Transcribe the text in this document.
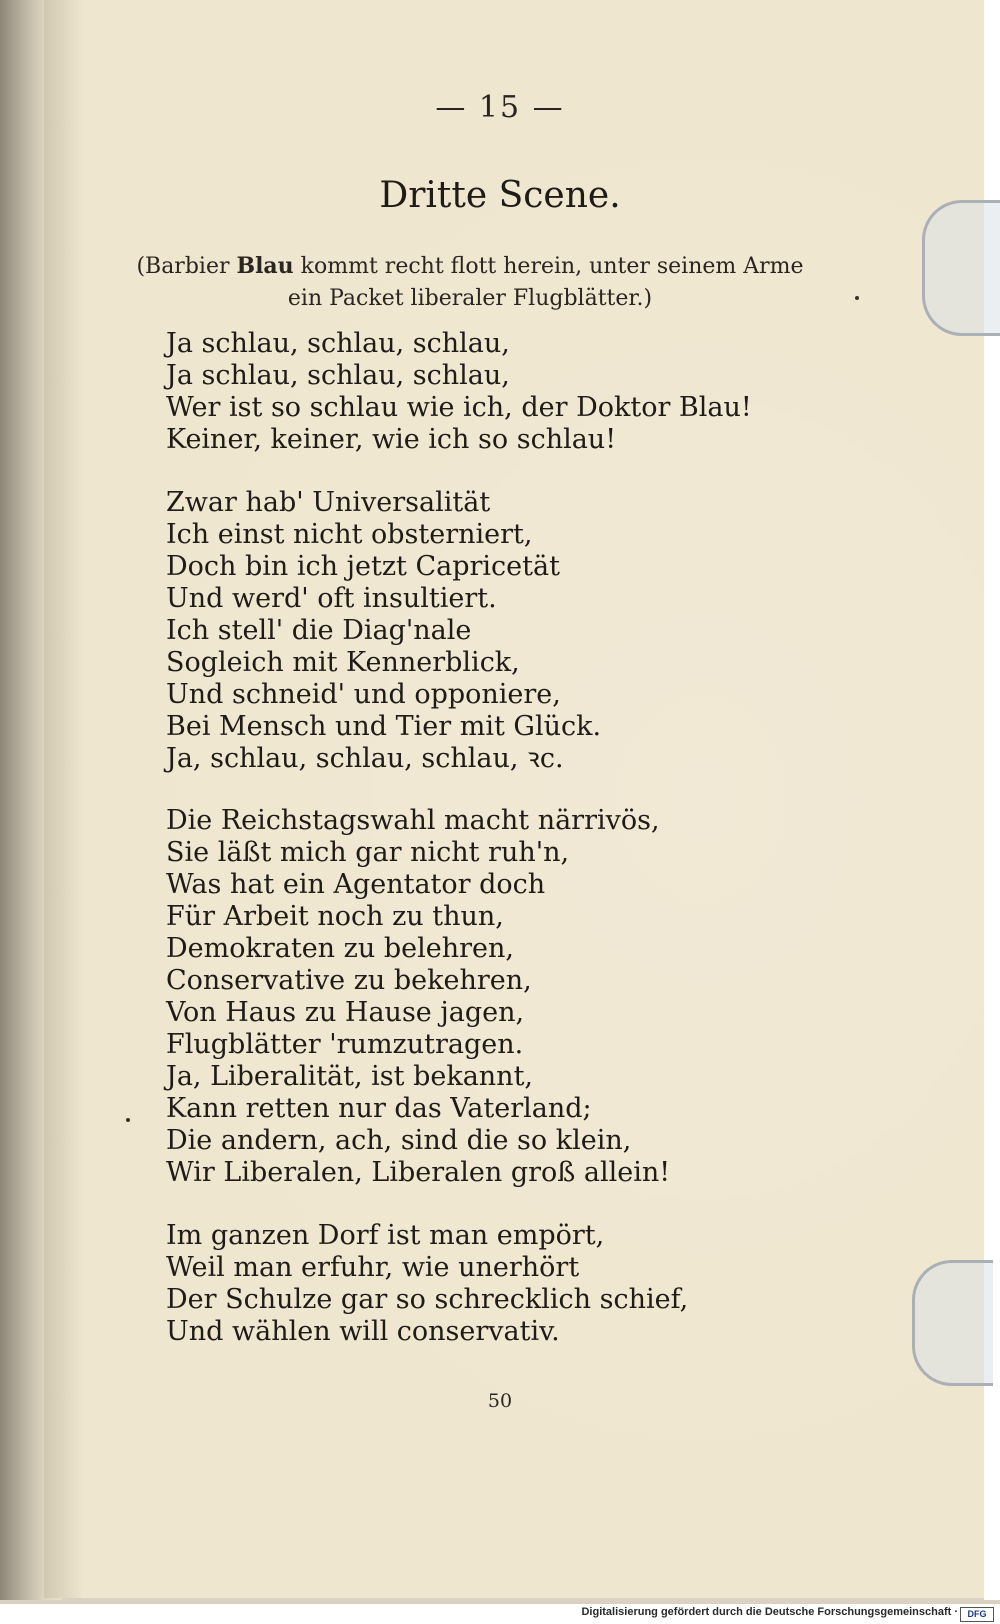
— 15 —
Dritte Scene.
(Barbier Blau kommt recht flott herein, unter seinem Arme
ein Packet liberaler Flugblätter.)
Ja schlau, schlau, schlau,
Ja schlau, schlau, schlau,
Wer ist so schlau wie ich, der Doktor Blau!
Keiner, keiner, wie ich so schlau!
Zwar hab' Universalität
Ich einst nicht obsterniert,
Doch bin ich jetzt Capricetät
Und werd' oft insultiert.
Ich stell' die Diag'nale
Sogleich mit Kennerblick,
Und schneid' und opponiere,
Bei Mensch und Tier mit Glück.
Ja, schlau, schlau, schlau, ꝛc.
Die Reichstagswahl macht närrivös,
Sie läßt mich gar nicht ruh'n,
Was hat ein Agentator doch
Für Arbeit noch zu thun,
Demokraten zu belehren,
Conservative zu bekehren,
Von Haus zu Hause jagen,
Flugblätter 'rumzutragen.
Ja, Liberalität, ist bekannt,
Kann retten nur das Vaterland;
Die andern, ach, sind die so klein,
Wir Liberalen, Liberalen groß allein!
Im ganzen Dorf ist man empört,
Weil man erfuhr, wie unerhört
Der Schulze gar so schrecklich schief,
Und wählen will conservativ.
50
Digitalisierung gefördert durch die Deutsche Forschungsgemeinschaft ·	DFG
